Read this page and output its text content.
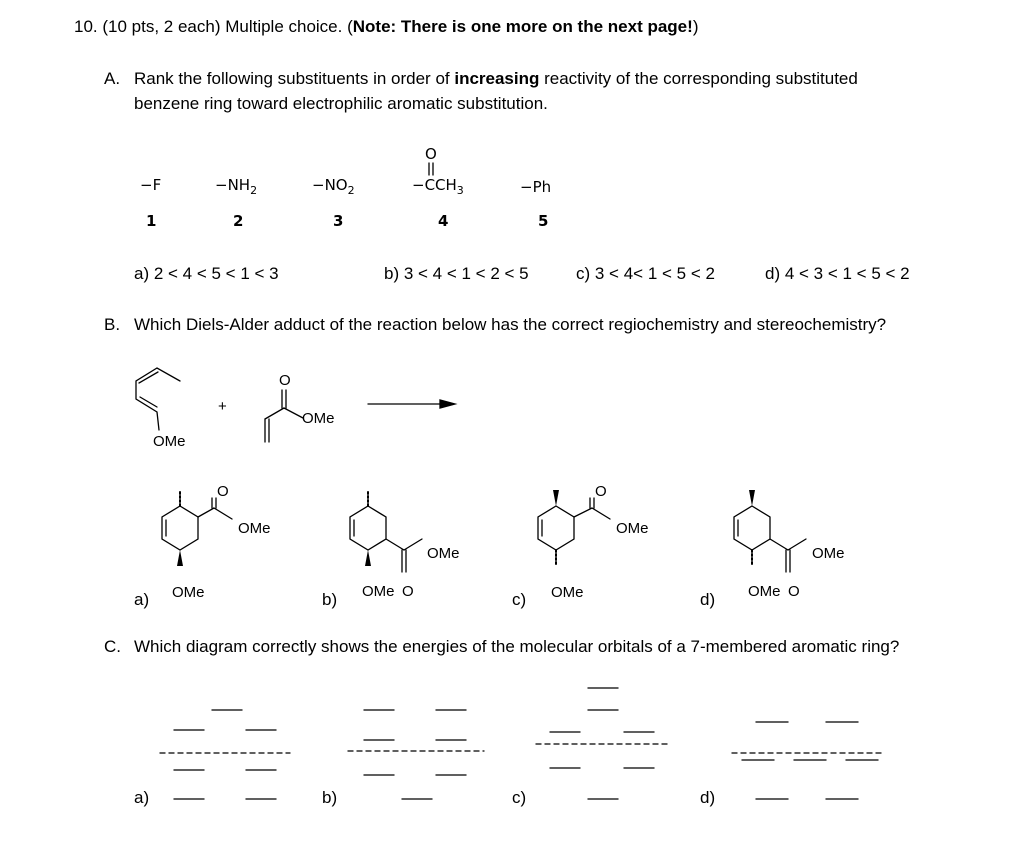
10. (10 pts, 2 each) Multiple choice. (Note: There is one more on the next page!)
A. Rank the following substituents in order of increasing reactivity of the corresponding substituted
benzene ring toward electrophilic aromatic substitution.
−F	$-NH_2$	$-NO_2$
O
$-CCH_3$	−Ph
1	2	3	4	5
a) 2 < 4 < 5 < 1 < 3	b) 3 < 4 < 1 < 2 < 5	c) 3 < 4< 1 < 5 < 2	d) 4 < 3 < 1 < 5 < 2
B. Which Diels-Alder adduct of the reaction below has the correct regiochemistry and stereochemistry?
OMe
+
O
OMe
O
OMe
OMe
a)
OMe
O
OMe
b)
O
OMe
OMe
c)
OMe
O
OMe
d)
C. Which diagram correctly shows the energies of the molecular orbitals of a 7-membered aromatic ring?
a)	b)	c)	d)
